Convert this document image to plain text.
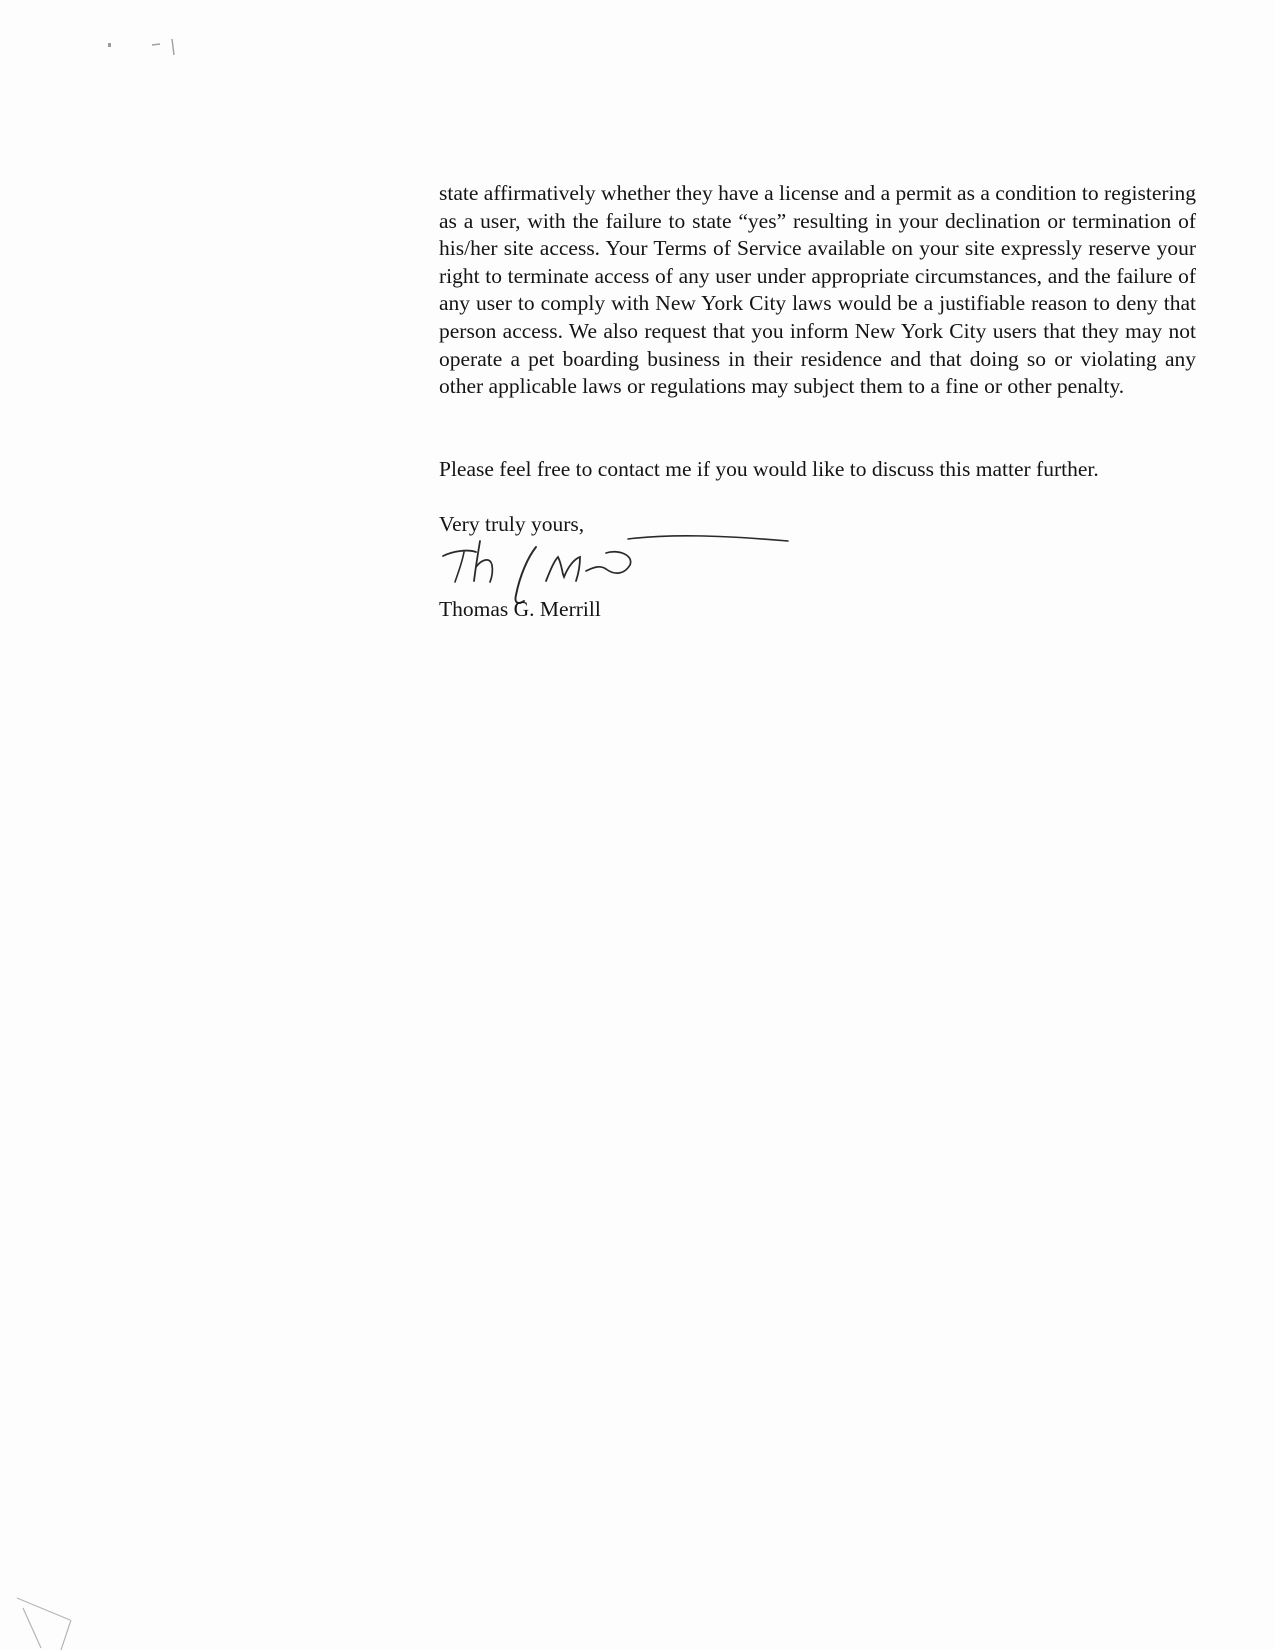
state affirmatively whether they have a license and a permit as a condition to registering as a user, with the failure to state “yes” resulting in your declination or termination of his/her site access. Your Terms of Service available on your site expressly reserve your right to terminate access of any user under appropriate circumstances, and the failure of any user to comply with New York City laws would be a justifiable reason to deny that person access. We also request that you inform New York City users that they may not operate a pet boarding business in their residence and that doing so or violating any other applicable laws or regulations may subject them to a fine or other penalty.

Please feel free to contact me if you would like to discuss this matter further.

Very truly yours,

Thomas G. Merrill
